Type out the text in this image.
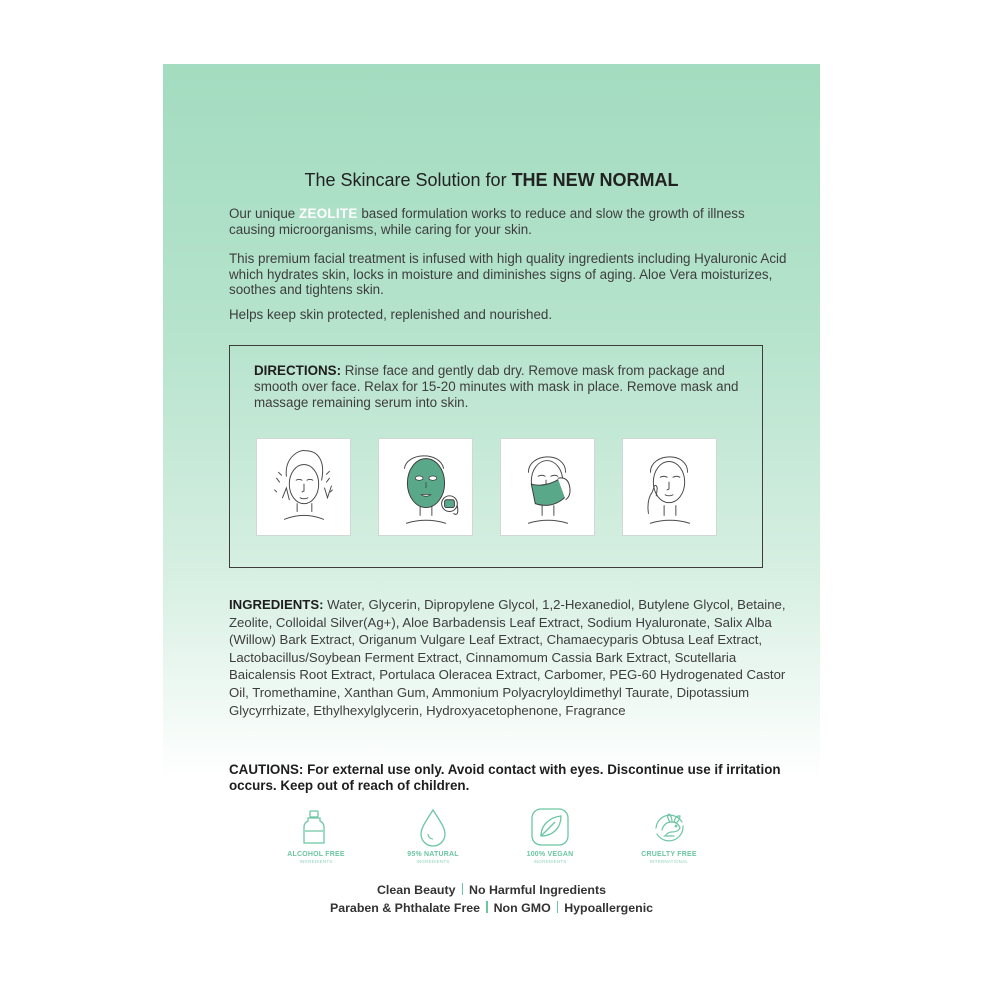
The Skincare Solution for THE NEW NORMAL
Our unique ZEOLITE based formulation works to reduce and slow the growth of illness causing microorganisms, while caring for your skin.
This premium facial treatment is infused with high quality ingredients including Hyaluronic Acid which hydrates skin, locks in moisture and diminishes signs of aging. Aloe Vera moisturizes, soothes and tightens skin.
Helps keep skin protected, replenished and nourished.
DIRECTIONS: Rinse face and gently dab dry. Remove mask from package and smooth over face. Relax for 15-20 minutes with mask in place. Remove mask and massage remaining serum into skin.
INGREDIENTS: Water, Glycerin, Dipropylene Glycol, 1,2-Hexanediol, Butylene Glycol, Betaine, Zeolite, Colloidal Silver(Ag+), Aloe Barbadensis Leaf Extract, Sodium Hyaluronate, Salix Alba (Willow) Bark Extract, Origanum Vulgare Leaf Extract, Chamaecyparis Obtusa Leaf Extract, Lactobacillus/Soybean Ferment Extract, Cinnamomum Cassia Bark Extract, Scutellaria Baicalensis Root Extract, Portulaca Oleracea Extract, Carbomer, PEG-60 Hydrogenated Castor Oil, Tromethamine, Xanthan Gum, Ammonium Polyacryloyldimethyl Taurate, Dipotassium Glycyrrhizate, Ethylhexylglycerin, Hydroxyacetophenone, Fragrance
CAUTIONS: For external use only. Avoid contact with eyes. Discontinue use if irritation occurs. Keep out of reach of children.
ALCOHOL FREE
INGREDIENTS
95% NATURAL
INGREDIENTS
100% VEGAN
INGREDIENTS
CRUELTY FREE
INTERNATIONAL
Clean Beauty No Harmful Ingredients
Paraben & Phthalate Free Non GMO Hypoallergenic
